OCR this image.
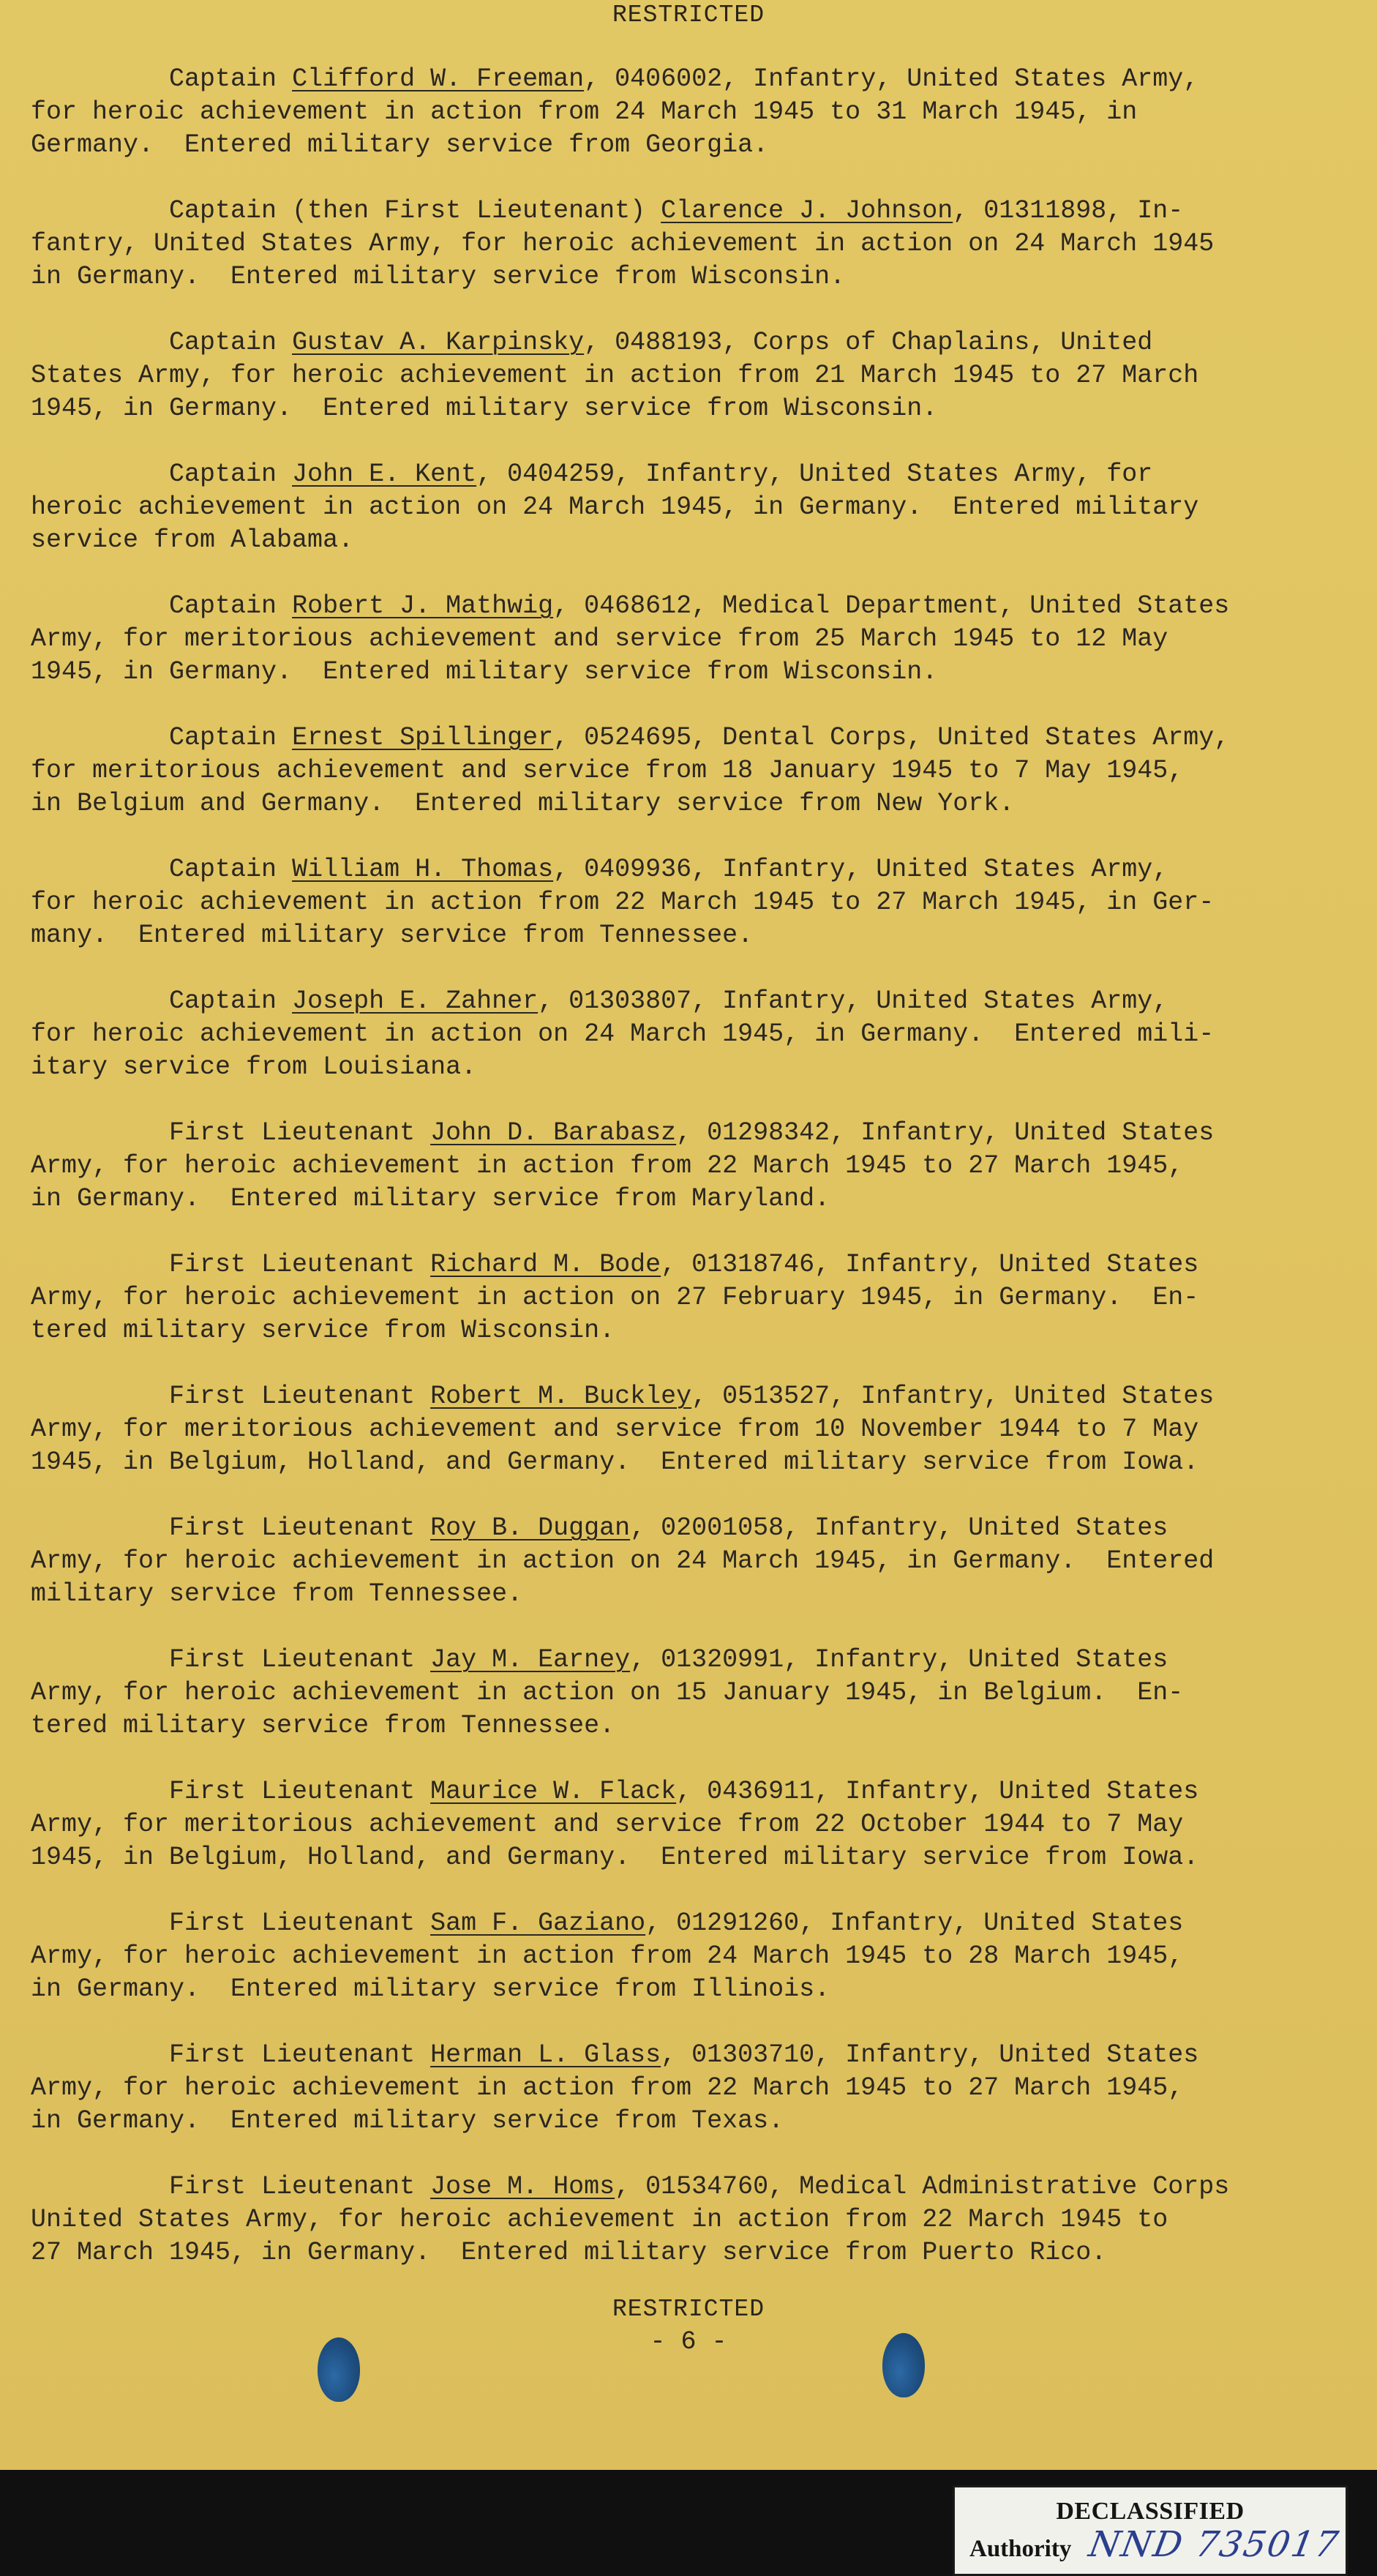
RESTRICTED
Captain Clifford W. Freeman, 0406002, Infantry, United States Army,
for heroic achievement in action from 24 March 1945 to 31 March 1945, in
Germany.  Entered military service from Georgia.
Captain (then First Lieutenant) Clarence J. Johnson, 01311898, In-
fantry, United States Army, for heroic achievement in action on 24 March 1945
in Germany.  Entered military service from Wisconsin.
Captain Gustav A. Karpinsky, 0488193, Corps of Chaplains, United
States Army, for heroic achievement in action from 21 March 1945 to 27 March
1945, in Germany.  Entered military service from Wisconsin.
Captain John E. Kent, 0404259, Infantry, United States Army, for
heroic achievement in action on 24 March 1945, in Germany.  Entered military
service from Alabama.
Captain Robert J. Mathwig, 0468612, Medical Department, United States
Army, for meritorious achievement and service from 25 March 1945 to 12 May
1945, in Germany.  Entered military service from Wisconsin.
Captain Ernest Spillinger, 0524695, Dental Corps, United States Army,
for meritorious achievement and service from 18 January 1945 to 7 May 1945,
in Belgium and Germany.  Entered military service from New York.
Captain William H. Thomas, 0409936, Infantry, United States Army,
for heroic achievement in action from 22 March 1945 to 27 March 1945, in Ger-
many.  Entered military service from Tennessee.
Captain Joseph E. Zahner, 01303807, Infantry, United States Army,
for heroic achievement in action on 24 March 1945, in Germany.  Entered mili-
itary service from Louisiana.
First Lieutenant John D. Barabasz, 01298342, Infantry, United States
Army, for heroic achievement in action from 22 March 1945 to 27 March 1945,
in Germany.  Entered military service from Maryland.
First Lieutenant Richard M. Bode, 01318746, Infantry, United States
Army, for heroic achievement in action on 27 February 1945, in Germany.  En-
tered military service from Wisconsin.
First Lieutenant Robert M. Buckley, 0513527, Infantry, United States
Army, for meritorious achievement and service from 10 November 1944 to 7 May
1945, in Belgium, Holland, and Germany.  Entered military service from Iowa.
First Lieutenant Roy B. Duggan, 02001058, Infantry, United States
Army, for heroic achievement in action on 24 March 1945, in Germany.  Entered
military service from Tennessee.
First Lieutenant Jay M. Earney, 01320991, Infantry, United States
Army, for heroic achievement in action on 15 January 1945, in Belgium.  En-
tered military service from Tennessee.
First Lieutenant Maurice W. Flack, 0436911, Infantry, United States
Army, for meritorious achievement and service from 22 October 1944 to 7 May
1945, in Belgium, Holland, and Germany.  Entered military service from Iowa.
First Lieutenant Sam F. Gaziano, 01291260, Infantry, United States
Army, for heroic achievement in action from 24 March 1945 to 28 March 1945,
in Germany.  Entered military service from Illinois.
First Lieutenant Herman L. Glass, 01303710, Infantry, United States
Army, for heroic achievement in action from 22 March 1945 to 27 March 1945,
in Germany.  Entered military service from Texas.
First Lieutenant Jose M. Homs, 01534760, Medical Administrative Corps
United States Army, for heroic achievement in action from 22 March 1945 to
27 March 1945, in Germany.  Entered military service from Puerto Rico.
RESTRICTED
- 6 -
DECLASSIFIED
Authority NND 735017
